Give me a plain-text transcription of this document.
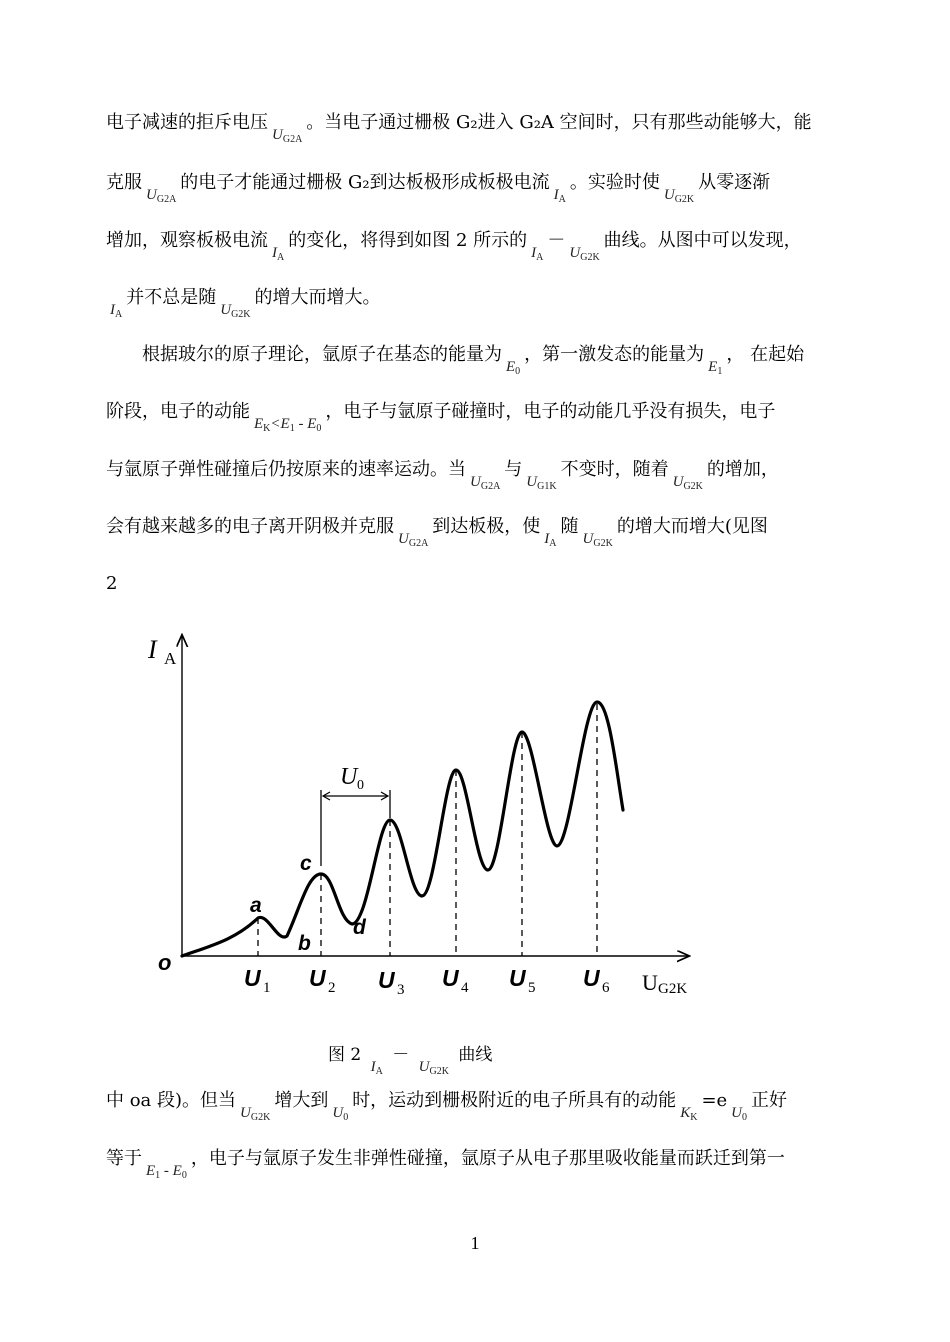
电子减速的拒斥电压$U_{G2A}$。当电子通过栅极 G₂进入 G₂A 空间时，只有那些动能够大，能
克服$U_{G2A}$的电子才能通过栅极 G₂到达板极形成板极电流$I_A$。实验时使$U_{G2K}$从零逐渐
增加，观察板极电流$I_A$的变化，将得到如图 2 所示的$I_A-U_{G2K}$曲线。从图中可以发现，
$I_A$并不总是随$U_{G2K}$的增大而增大。
　　根据玻尔的原子理论，氩原子在基态的能量为$E_0$，第一激发态的能量为$E_1$， 在起始
阶段，电子的动能$E_K<E_1 - E_0$，电子与氩原子碰撞时，电子的动能几乎没有损失，电子
与氩原子弹性碰撞后仍按原来的速率运动。当$U_{G2A}$与$U_{G1K}$不变时，随着$U_{G2K}$的增加，
会有越来越多的电子离开阴极并克服$U_{G2A}$到达板极，使$I_A$随$U_{G2K}$的增大而增大(见图
2
I A
U G2K
o
a
b
c
d
U 0
U 1 U 2 U 3 U 4 U 5 U 6
图 2 $I_A - U_{G2K}$ 曲线
中 oa 段)。但当$U_{G2K}$增大到$U_0$时，运动到栅极附近的电子所具有的动能$K_K=eU_0$正好
等于$E_1 - E_0$，电子与氩原子发生非弹性碰撞，氩原子从电子那里吸收能量而跃迁到第一
1
